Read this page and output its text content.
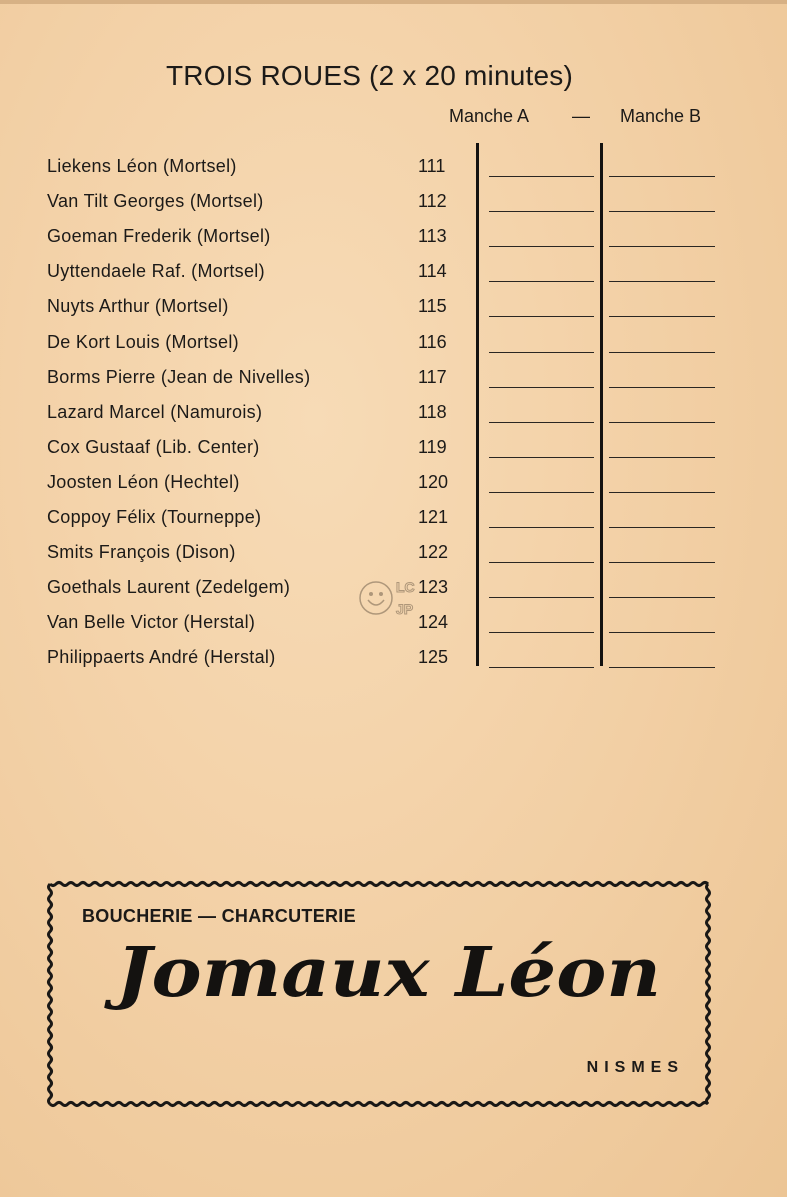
TROIS ROUES (2 x 20 minutes)
Manche A — Manche B
Liekens Léon (Mortsel)	111
Van Tilt Georges (Mortsel)	112
Goeman Frederik (Mortsel)	113
Uyttendaele Raf. (Mortsel)	114
Nuyts Arthur (Mortsel)	115
De Kort Louis (Mortsel)	116
Borms Pierre (Jean de Nivelles)	117
Lazard Marcel (Namurois)	118
Cox Gustaaf (Lib. Center)	119
Joosten Léon (Hechtel)	120
Coppoy Félix (Tourneppe)	121
Smits François (Dison)	122
Goethals Laurent (Zedelgem)	123
Van Belle Victor (Herstal)	124
Philippaerts André (Herstal)	125
LC
JP
BOUCHERIE — CHARCUTERIE
Jomaux Léon
NISMES
